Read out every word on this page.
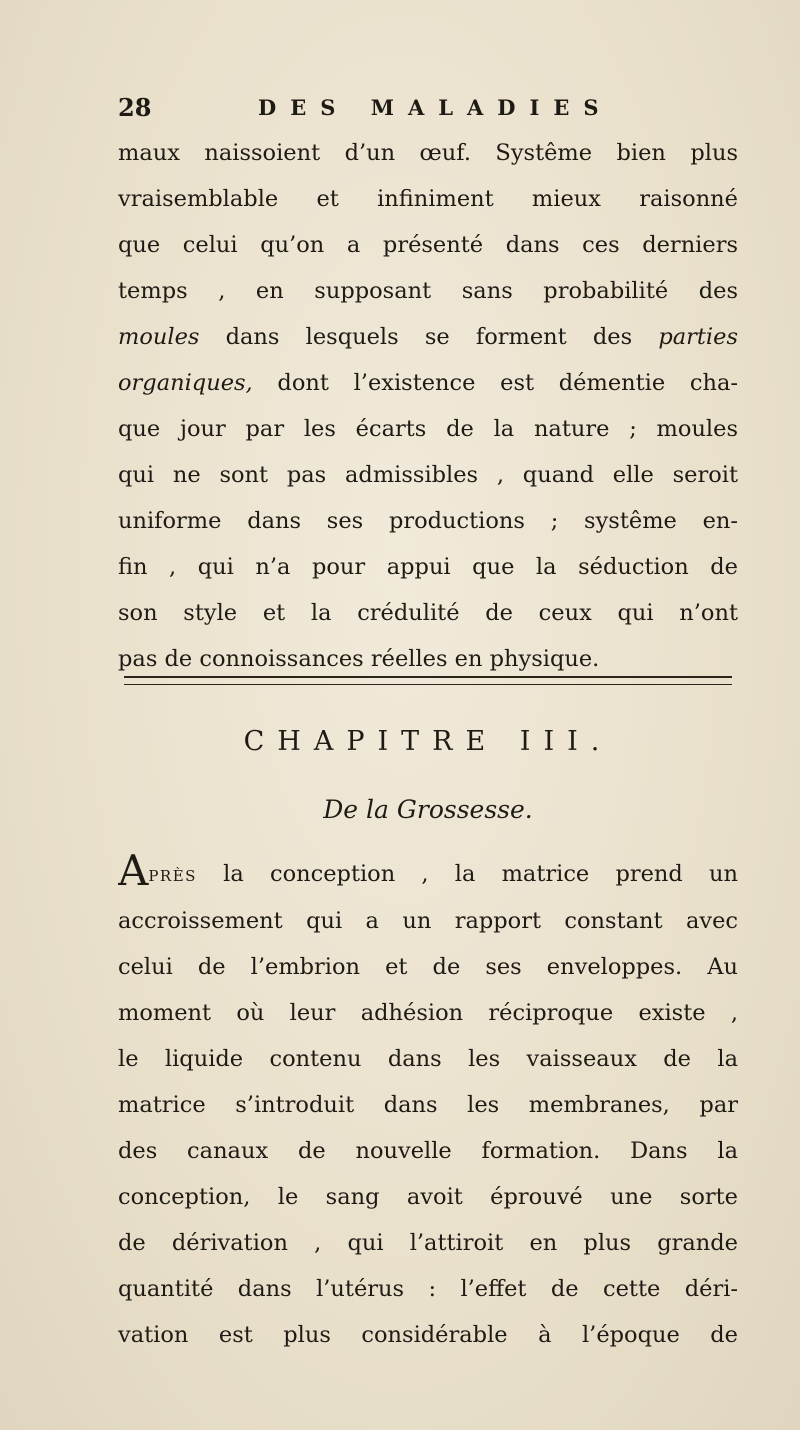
28	DES MALADIES
maux naissoient d’un œuf. Systême bien plus
vraisemblable et infiniment mieux raisonné
que celui qu’on a présenté dans ces derniers
temps , en supposant sans probabilité des
moules dans lesquels se forment des parties
organiques, dont l’existence est démentie cha-
que jour par les écarts de la nature ; moules
qui ne sont pas admissibles , quand elle seroit
uniforme dans ses productions ; systême en-
fin , qui n’a pour appui que la séduction de
son style et la crédulité de ceux qui n’ont
pas de connoissances réelles en physique.
CHAPITRE III.
De la Grossesse.
APRÈS la conception , la matrice prend un
accroissement qui a un rapport constant avec
celui de l’embrion et de ses enveloppes. Au
moment où leur adhésion réciproque existe ,
le liquide contenu dans les vaisseaux de la
matrice s’introduit dans les membranes, par
des canaux de nouvelle formation. Dans la
conception, le sang avoit éprouvé une sorte
de dérivation , qui l’attiroit en plus grande
quantité dans l’utérus : l’effet de cette déri-
vation est plus considérable à l’époque de
